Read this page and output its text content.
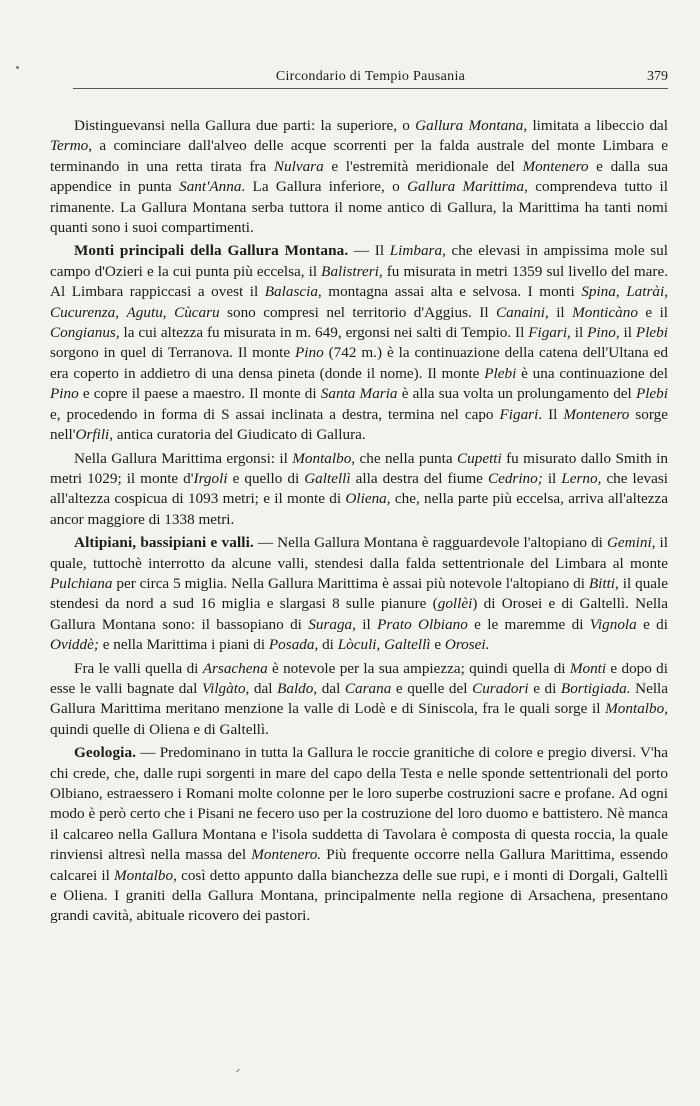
Circondario di Tempio Pausania	379

Distinguevansi nella Gallura due parti: la superiore, o Gallura Montana, limitata a libeccio dal Termo, a cominciare dall'alveo delle acque scorrenti per la falda australe del monte Limbara e terminando in una retta tirata fra Nulvara e l'estremità meridionale del Montenero e dalla sua appendice in punta Sant'Anna. La Gallura inferiore, o Gallura Marittima, comprendeva tutto il rimanente. La Gallura Montana serba tuttora il nome antico di Gallura, la Marittima ha tanti nomi quanti sono i suoi compartimenti.

Monti principali della Gallura Montana. — Il Limbara, che elevasi in ampissima mole sul campo d'Ozieri e la cui punta più eccelsa, il Balistreri, fu misurata in metri 1359 sul livello del mare. Al Limbara rappiccasi a ovest il Balascia, montagna assai alta e selvosa. I monti Spina, Latrài, Cucurenza, Agutu, Cùcaru sono compresi nel territorio d'Aggius. Il Canaini, il Monticàno e il Congianus, la cui altezza fu misurata in m. 649, ergonsi nei salti di Tempio. Il Figari, il Pino, il Plebi sorgono in quel di Terranova. Il monte Pino (742 m.) è la continuazione della catena dell'Ultana ed era coperto in addietro di una densa pineta (donde il nome). Il monte Plebi è una continuazione del Pino e copre il paese a maestro. Il monte di Santa Maria è alla sua volta un prolungamento del Plebi e, procedendo in forma di S assai inclinata a destra, termina nel capo Figari. Il Montenero sorge nell'Orfili, antica curatoria del Giudicato di Gallura.

Nella Gallura Marittima ergonsi: il Montalbo, che nella punta Cupetti fu misurato dallo Smith in metri 1029; il monte d'Irgoli e quello di Galtellì alla destra del fiume Cedrino; il Lerno, che levasi all'altezza cospicua di 1093 metri; e il monte di Oliena, che, nella parte più eccelsa, arriva all'altezza ancor maggiore di 1338 metri.

Altipiani, bassipiani e valli. — Nella Gallura Montana è ragguardevole l'altopiano di Gemini, il quale, tuttochè interrotto da alcune valli, stendesi dalla falda settentrionale del Limbara al monte Pulchiana per circa 5 miglia. Nella Gallura Marittima è assai più notevole l'altopiano di Bitti, il quale stendesi da nord a sud 16 miglia e slargasi 8 sulle pianure (gollèi) di Orosei e di Galtellì. Nella Gallura Montana sono: il bassopiano di Suraga, il Prato Olbiano e le maremme di Vignola e di Oviddè; e nella Marittima i piani di Posada, di Lòculi, Galtellì e Orosei.

Fra le valli quella di Arsachena è notevole per la sua ampiezza; quindi quella di Monti e dopo di esse le valli bagnate dal Vilgàto, dal Baldo, dal Carana e quelle del Curadori e di Bortigiada. Nella Gallura Marittima meritano menzione la valle di Lodè e di Siniscola, fra le quali sorge il Montalbo, quindi quelle di Oliena e di Galtellì.

Geologia. — Predominano in tutta la Gallura le roccie granitiche di colore e pregio diversi. V'ha chi crede, che, dalle rupi sorgenti in mare del capo della Testa e nelle sponde settentrionali del porto Olbiano, estraessero i Romani molte colonne per le loro superbe costruzioni sacre e profane. Ad ogni modo è però certo che i Pisani ne fecero uso per la costruzione del loro duomo e battistero. Nè manca il calcareo nella Gallura Montana e l'isola suddetta di Tavolara è composta di questa roccia, la quale rinviensi altresì nella massa del Montenero. Più frequente occorre nella Gallura Marittima, essendo calcarei il Montalbo, così detto appunto dalla bianchezza delle sue rupi, e i monti di Dorgali, Galtellì e Oliena. I graniti della Gallura Montana, principalmente nella regione di Arsachena, presentano grandi cavità, abituale ricovero dei pastori.
